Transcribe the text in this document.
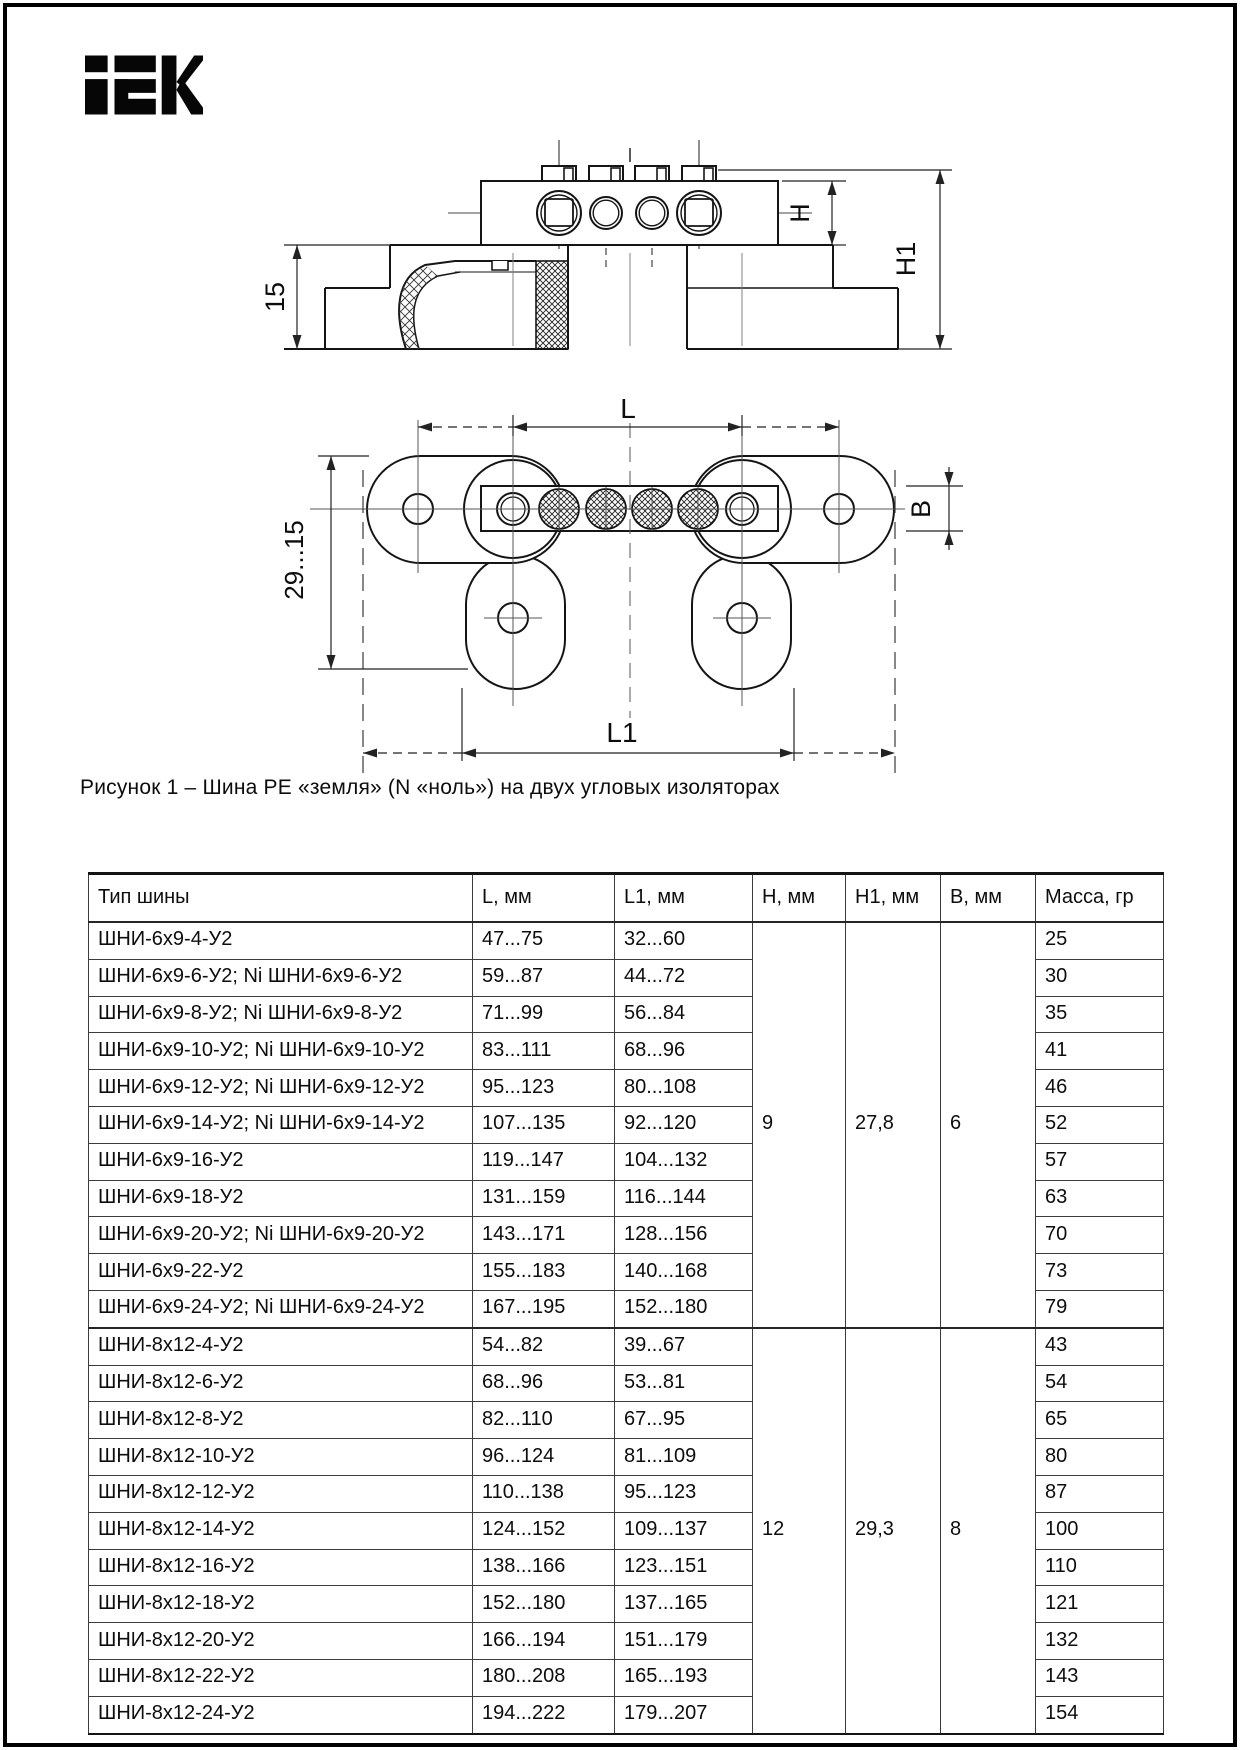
15
H
H1
L
L1
B
29...15
Рисунок 1 – Шина PE «земля» (N «ноль») на двух угловых изоляторах
Тип шины	L, мм	L1, мм	H, мм	H1, мм	B, мм	Масса, гр
ШНИ-6x9-4-У2	47...75	32...60	9	27,8	6	25
ШНИ-6x9-6-У2; Ni ШНИ-6x9-6-У2	59...87	44...72				30
ШНИ-6x9-8-У2; Ni ШНИ-6x9-8-У2	71...99	56...84				35
ШНИ-6x9-10-У2; Ni ШНИ-6x9-10-У2	83...111	68...96				41
ШНИ-6x9-12-У2; Ni ШНИ-6x9-12-У2	95...123	80...108				46
ШНИ-6x9-14-У2; Ni ШНИ-6x9-14-У2	107...135	92...120				52
ШНИ-6x9-16-У2	119...147	104...132				57
ШНИ-6x9-18-У2	131...159	116...144				63
ШНИ-6x9-20-У2; Ni ШНИ-6x9-20-У2	143...171	128...156				70
ШНИ-6x9-22-У2	155...183	140...168				73
ШНИ-6x9-24-У2; Ni ШНИ-6x9-24-У2	167...195	152...180				79
ШНИ-8x12-4-У2	54...82	39...67	12	29,3	8	43
ШНИ-8x12-6-У2	68...96	53...81				54
ШНИ-8x12-8-У2	82...110	67...95				65
ШНИ-8x12-10-У2	96...124	81...109				80
ШНИ-8x12-12-У2	110...138	95...123				87
ШНИ-8x12-14-У2	124...152	109...137				100
ШНИ-8x12-16-У2	138...166	123...151				110
ШНИ-8x12-18-У2	152...180	137...165				121
ШНИ-8x12-20-У2	166...194	151...179				132
ШНИ-8x12-22-У2	180...208	165...193				143
ШНИ-8x12-24-У2	194...222	179...207				154
